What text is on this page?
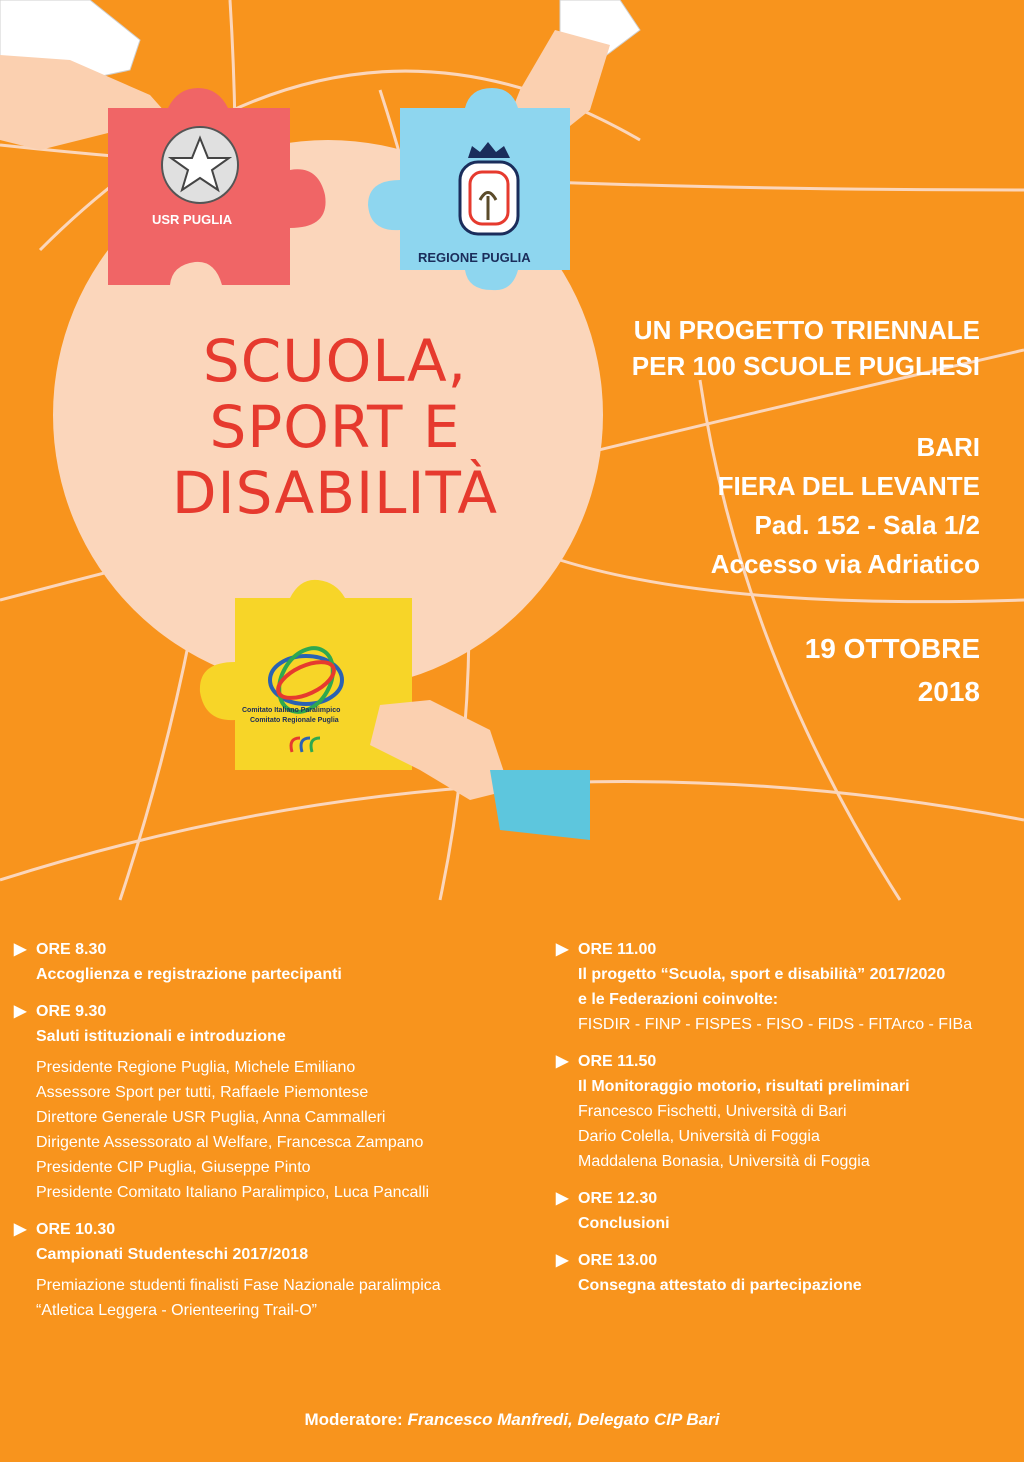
USR PUGLIA
REGIONE PUGLIA
Comitato Italiano Paralimpico
Comitato Regionale Puglia
SCUOLA,
SPORT E
DISABILITÀ
UN PROGETTO TRIENNALE
PER 100 SCUOLE PUGLIESI
BARI
FIERA DEL LEVANTE
Pad. 152 - Sala 1/2
Accesso via Adriatico
19 OTTOBRE
2018
▶ ORE 8.30
Accoglienza e registrazione partecipanti
▶ ORE 9.30
Saluti istituzionali e introduzione
Presidente Regione Puglia, Michele Emiliano
Assessore Sport per tutti, Raffaele Piemontese
Direttore Generale USR Puglia, Anna Cammalleri
Dirigente Assessorato al Welfare, Francesca Zampano
Presidente CIP Puglia, Giuseppe Pinto
Presidente Comitato Italiano Paralimpico, Luca Pancalli
▶ ORE 10.30
Campionati Studenteschi 2017/2018
Premiazione studenti finalisti Fase Nazionale paralimpica
“Atletica Leggera - Orienteering Trail-O”
▶ ORE 11.00
Il progetto “Scuola, sport e disabilità” 2017/2020
e le Federazioni coinvolte:
FISDIR - FINP - FISPES - FISO - FIDS - FITArco - FIBa
▶ ORE 11.50
Il Monitoraggio motorio, risultati preliminari
Francesco Fischetti, Università di Bari
Dario Colella, Università di Foggia
Maddalena Bonasia, Università di Foggia
▶ ORE 12.30
Conclusioni
▶ ORE 13.00
Consegna attestato di partecipazione
Moderatore: Francesco Manfredi, Delegato CIP Bari
